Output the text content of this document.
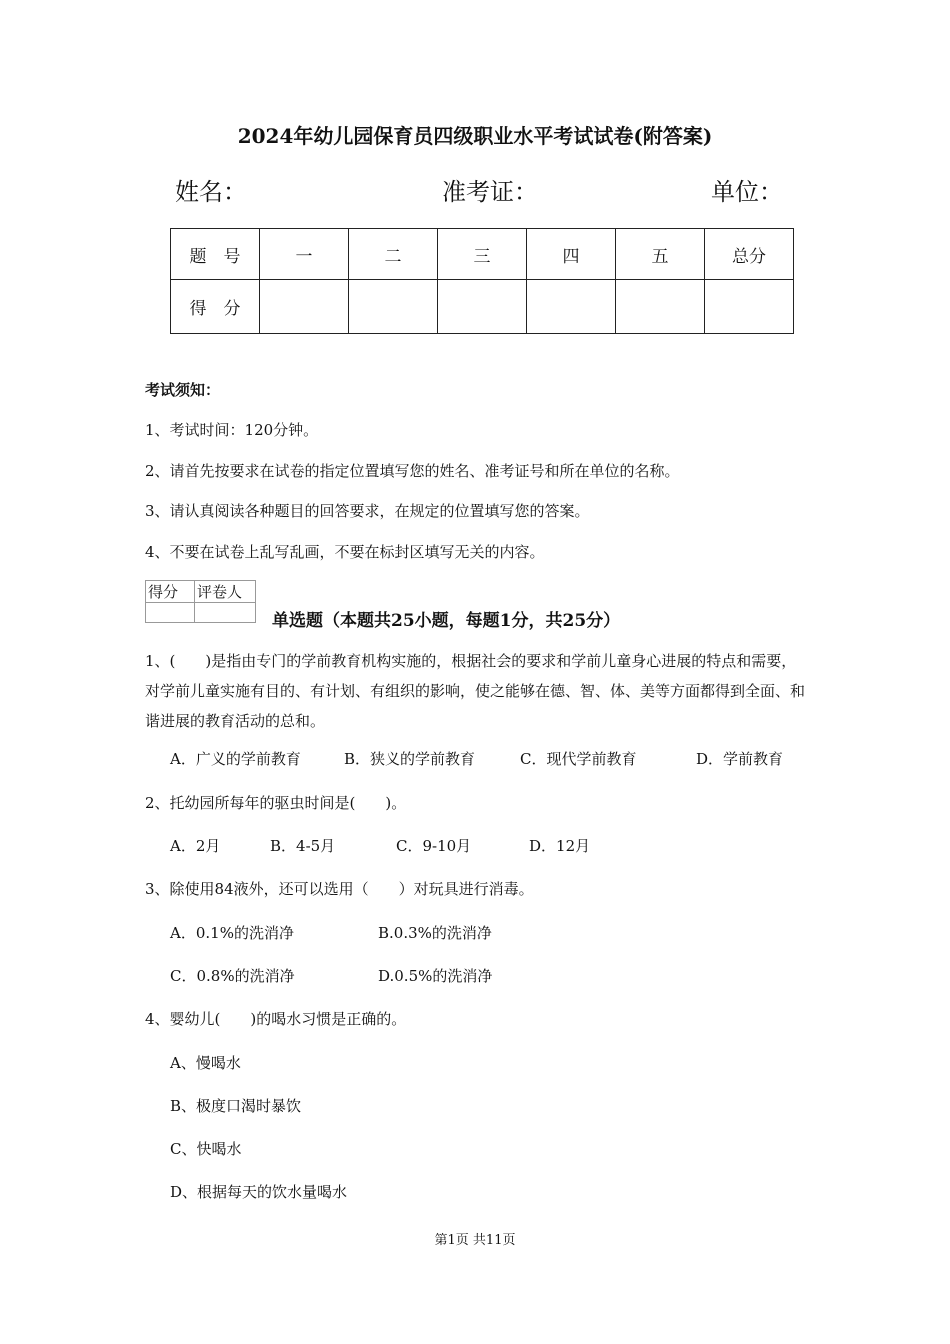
2024年幼儿园保育员四级职业水平考试试卷(附答案)
姓名：	准考证：	单位：
题　号	一	二	三	四	五	总分
得　分						
考试须知：
1、考试时间：120分钟。
2、请首先按要求在试卷的指定位置填写您的姓名、准考证号和所在单位的名称。
3、请认真阅读各种题目的回答要求，在规定的位置填写您的答案。
4、不要在试卷上乱写乱画，不要在标封区填写无关的内容。
得分	评卷人

单选题（本题共25小题，每题1分，共25分）
1、(　　)是指由专门的学前教育机构实施的，根据社会的要求和学前儿童身心进展的特点和需要，对学前儿童实施有目的、有计划、有组织的影响，使之能够在德、智、体、美等方面都得到全面、和谐进展的教育活动的总和。
A．广义的学前教育	B．狭义的学前教育	C．现代学前教育	D．学前教育
2、托幼园所每年的驱虫时间是(　　)。
A．2月	B．4-5月	C．9-10月	D．12月
3、除使用84液外，还可以选用（　　）对玩具进行消毒。
A．0.1%的洗消净	B.0.3%的洗消净
C．0.8%的洗消净	D.0.5%的洗消净
4、婴幼儿(　　)的喝水习惯是正确的。
A、慢喝水
B、极度口渴时暴饮
C、快喝水
D、根据每天的饮水量喝水
第1页 共11页
